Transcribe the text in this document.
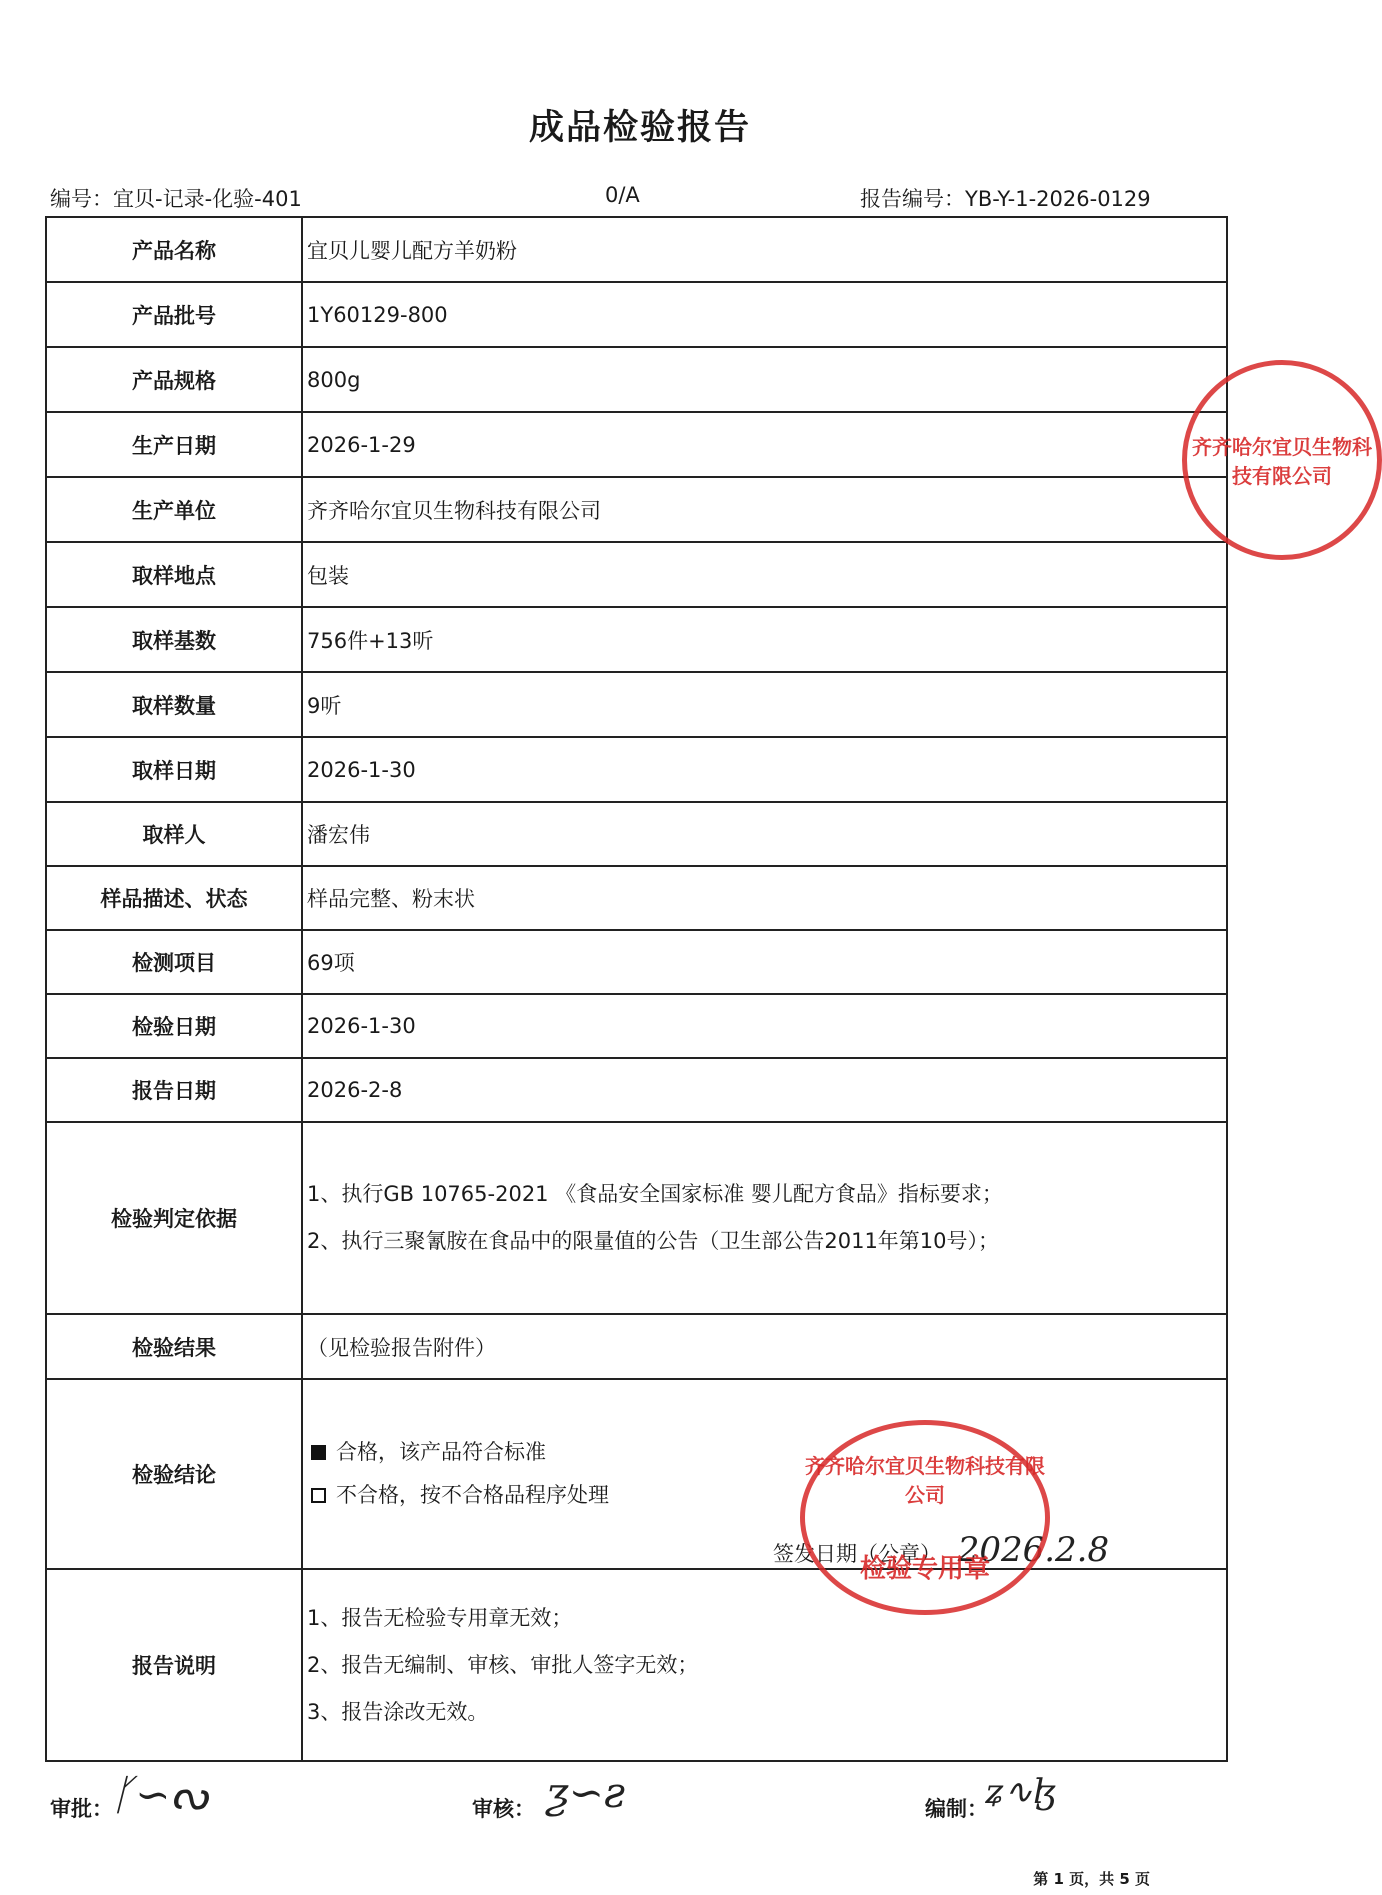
成品检验报告
编号：宜贝-记录-化验-401	0/A	报告编号：YB-Y-1-2026-0129
产品名称	宜贝儿婴儿配方羊奶粉
产品批号	1Y60129-800
产品规格	800g
生产日期	2026-1-29
生产单位	齐齐哈尔宜贝生物科技有限公司
取样地点	包装
取样基数	756件+13听
取样数量	9听
取样日期	2026-1-30
取样人	潘宏伟
样品描述、状态	样品完整、粉末状
检测项目	69项
检验日期	2026-1-30
报告日期	2026-2-8
检验判定依据	1、执行GB 10765-2021 《食品安全国家标准 婴儿配方食品》指标要求；
2、执行三聚氰胺在食品中的限量值的公告（卫生部公告2011年第10号）；

检验结果	（见检验报告附件）
检验结论	合格，该产品符合标准
不合格，按不合格品程序处理
签发日期（公章） 2026.2.8

报告说明	1、报告无检验专用章无效；
2、报告无编制、审核、审批人签字无效；
3、报告涂改无效。
齐齐哈尔宜贝生物科技有限公司
检验专用章
齐齐哈尔宜贝生物科技有限公司
审批：
ᚴ∽ᔓ	审核： ƺ∽ƨ	编制：
ʑ∿ɮ
第 1 页，共 5 页
